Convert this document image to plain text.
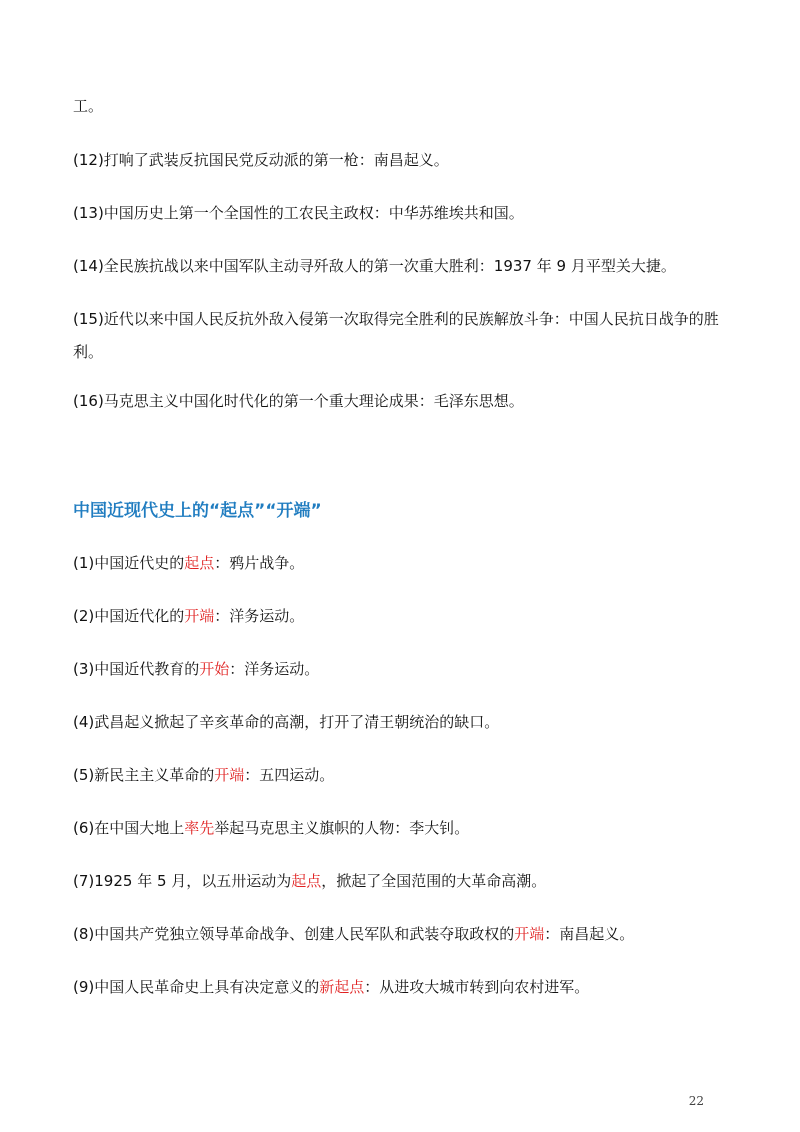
工。
(12)打响了武装反抗国民党反动派的第一枪：南昌起义。
(13)中国历史上第一个全国性的工农民主政权：中华苏维埃共和国。
(14)全民族抗战以来中国军队主动寻歼敌人的第一次重大胜利：1937 年 9 月平型关大捷。
(15)近代以来中国人民反抗外敌入侵第一次取得完全胜利的民族解放斗争：中国人民抗日战争的胜利。
(16)马克思主义中国化时代化的第一个重大理论成果：毛泽东思想。
中国近现代史上的“起点”“开端”
(1)中国近代史的起点：鸦片战争。
(2)中国近代化的开端：洋务运动。
(3)中国近代教育的开始：洋务运动。
(4)武昌起义掀起了辛亥革命的高潮，打开了清王朝统治的缺口。
(5)新民主主义革命的开端：五四运动。
(6)在中国大地上率先举起马克思主义旗帜的人物：李大钊。
(7)1925 年 5 月，以五卅运动为起点，掀起了全国范围的大革命高潮。
(8)中国共产党独立领导革命战争、创建人民军队和武装夺取政权的开端：南昌起义。
(9)中国人民革命史上具有决定意义的新起点：从进攻大城市转到向农村进军。
22
